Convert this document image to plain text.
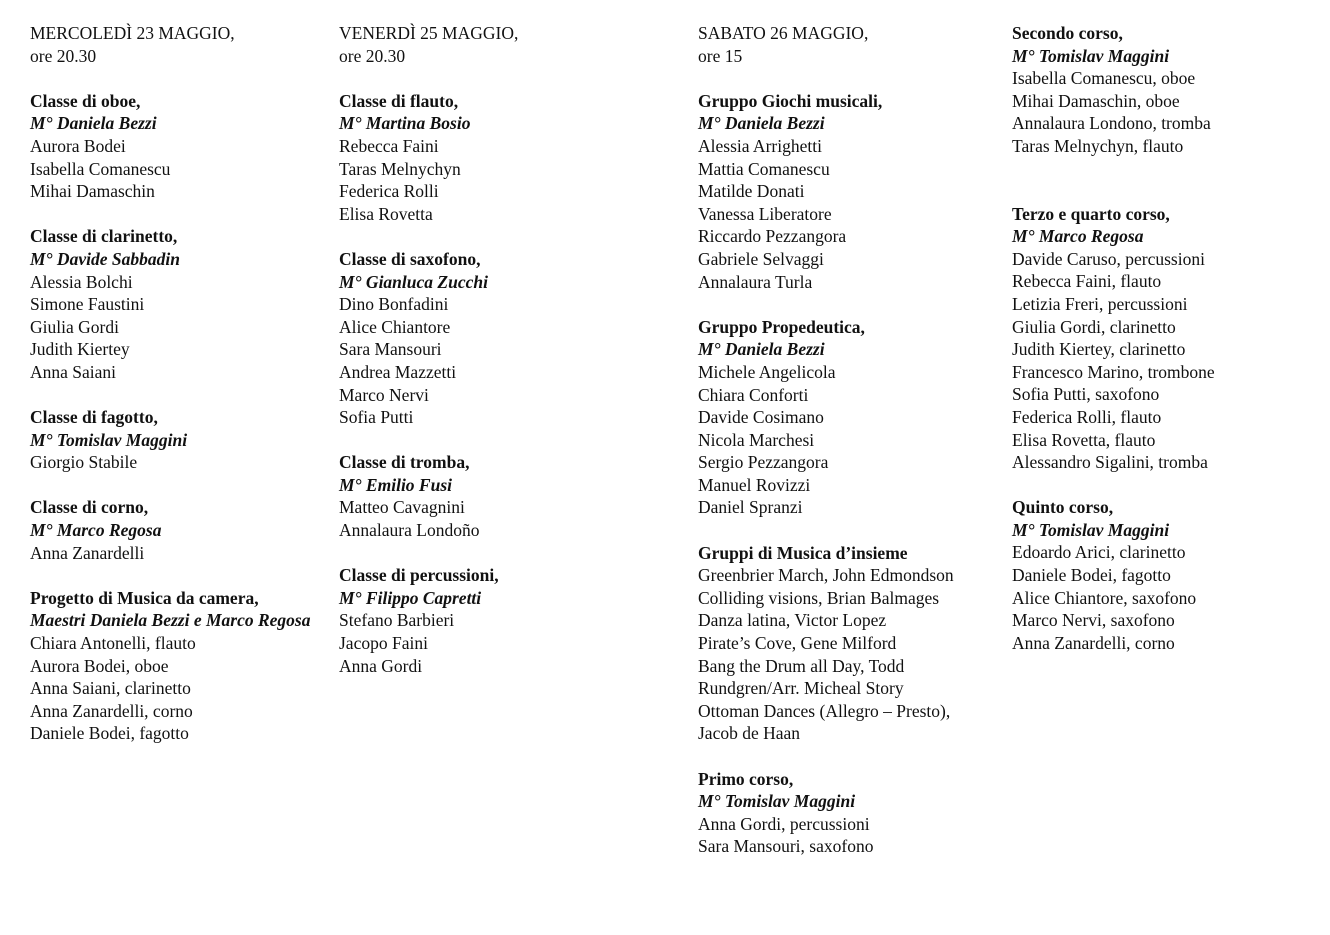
MERCOLEDÌ 23 MAGGIO,
ore 20.30
Classe di oboe,
M° Daniela Bezzi
Aurora Bodei
Isabella Comanescu
Mihai Damaschin
Classe di clarinetto,
M° Davide Sabbadin
Alessia Bolchi
Simone Faustini
Giulia Gordi
Judith Kiertey
Anna Saiani
Classe di fagotto,
M° Tomislav Maggini
Giorgio Stabile
Classe di corno,
M° Marco Regosa
Anna Zanardelli
Progetto di Musica da camera,
Maestri Daniela Bezzi e Marco Regosa
Chiara Antonelli, flauto
Aurora Bodei, oboe
Anna Saiani, clarinetto
Anna Zanardelli, corno
Daniele Bodei, fagotto
VENERDÌ 25 MAGGIO,
ore 20.30
Classe di flauto,
M° Martina Bosio
Rebecca Faini
Taras Melnychyn
Federica Rolli
Elisa Rovetta
Classe di saxofono,
M° Gianluca Zucchi
Dino Bonfadini
Alice Chiantore
Sara Mansouri
Andrea Mazzetti
Marco Nervi
Sofia Putti
Classe di tromba,
M° Emilio Fusi
Matteo Cavagnini
Annalaura Londoño
Classe di percussioni,
M° Filippo Capretti
Stefano Barbieri
Jacopo Faini
Anna Gordi
SABATO 26 MAGGIO,
ore 15
Gruppo Giochi musicali,
M° Daniela Bezzi
Alessia Arrighetti
Mattia Comanescu
Matilde Donati
Vanessa Liberatore
Riccardo Pezzangora
Gabriele Selvaggi
Annalaura Turla
Gruppo Propedeutica,
M° Daniela Bezzi
Michele Angelicola
Chiara Conforti
Davide Cosimano
Nicola Marchesi
Sergio Pezzangora
Manuel Rovizzi
Daniel Spranzi
Gruppi di Musica d’insieme
Greenbrier March, John Edmondson
Colliding visions, Brian Balmages
Danza latina, Victor Lopez
Pirate’s Cove, Gene Milford
Bang the Drum all Day, Todd
Rundgren/Arr. Micheal Story
Ottoman Dances (Allegro – Presto),
Jacob de Haan
Primo corso,
M° Tomislav Maggini
Anna Gordi, percussioni
Sara Mansouri, saxofono
Secondo corso,
M° Tomislav Maggini
Isabella Comanescu, oboe
Mihai Damaschin, oboe
Annalaura Londono, tromba
Taras Melnychyn, flauto
Terzo e quarto corso,
M° Marco Regosa
Davide Caruso, percussioni
Rebecca Faini, flauto
Letizia Freri, percussioni
Giulia Gordi, clarinetto
Judith Kiertey, clarinetto
Francesco Marino, trombone
Sofia Putti, saxofono
Federica Rolli, flauto
Elisa Rovetta, flauto
Alessandro Sigalini, tromba
Quinto corso,
M° Tomislav Maggini
Edoardo Arici, clarinetto
Daniele Bodei, fagotto
Alice Chiantore, saxofono
Marco Nervi, saxofono
Anna Zanardelli, corno
